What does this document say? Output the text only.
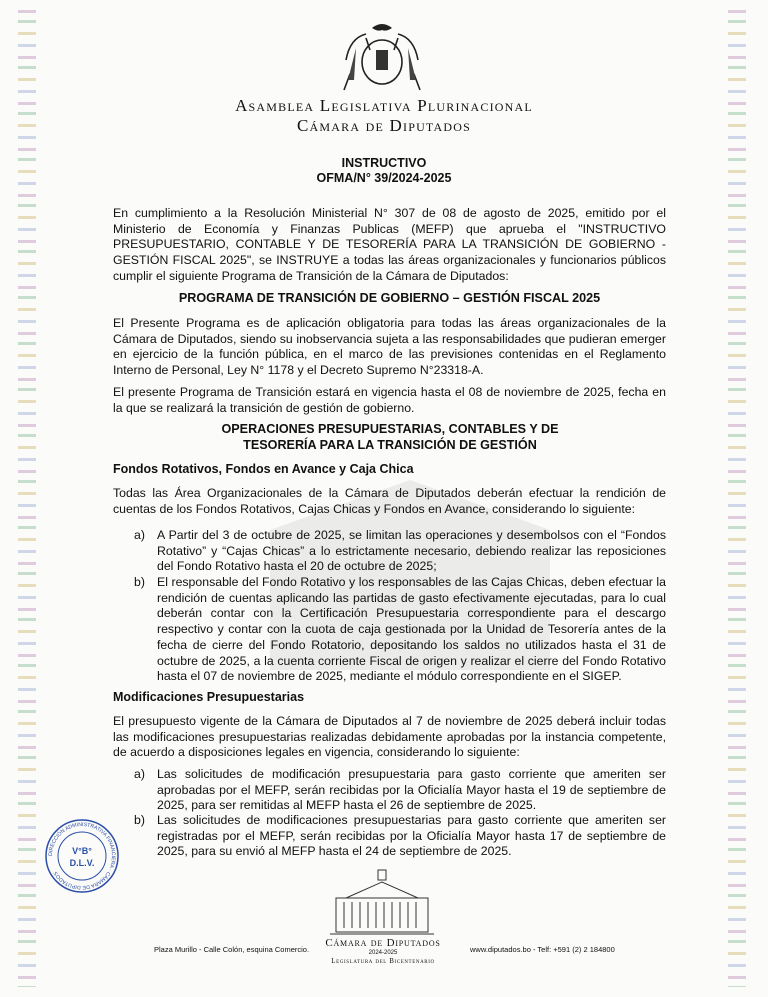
Asamblea Legislativa Plurinacional
Cámara de Diputados
INSTRUCTIVO
OFMA/N° 39/2024-2025

En cumplimiento a la Resolución Ministerial N° 307 de 08 de agosto de 2025, emitido por el Ministerio de Economía y Finanzas Publicas (MEFP) que aprueba el "INSTRUCTIVO PRESUPUESTARIO, CONTABLE Y DE TESORERÍA PARA LA TRANSICIÓN DE GOBIERNO - GESTIÓN FISCAL 2025", se INSTRUYE a todas las áreas organizacionales y funcionarios públicos cumplir el siguiente Programa de Transición de la Cámara de Diputados:

PROGRAMA DE TRANSICIÓN DE GOBIERNO – GESTIÓN FISCAL 2025

El Presente Programa es de aplicación obligatoria para todas las áreas organizacionales de la Cámara de Diputados, siendo su inobservancia sujeta a las responsabilidades que pudieran emerger en ejercicio de la función pública, en el marco de las previsiones contenidas en el Reglamento Interno de Personal, Ley N° 1178 y el Decreto Supremo N°23318-A.

El presente Programa de Transición estará en vigencia hasta el 08 de noviembre de 2025, fecha en la que se realizará la transición de gestión de gobierno.

OPERACIONES PRESUPUESTARIAS, CONTABLES Y DE TESORERÍA PARA LA TRANSICIÓN DE GESTIÓN
Fondos Rotativos, Fondos en Avance y Caja Chica

Todas las Área Organizacionales de la Cámara de Diputados deberán efectuar la rendición de cuentas de los Fondos Rotativos, Cajas Chicas y Fondos en Avance, considerando lo siguiente:

a) A Partir del 3 de octubre de 2025, se limitan las operaciones y desembolsos con el “Fondos Rotativo” y “Cajas Chicas” a lo estrictamente necesario, debiendo realizar las reposiciones del Fondo Rotativo hasta el 20 de octubre de 2025;
b) El responsable del Fondo Rotativo y los responsables de las Cajas Chicas, deben efectuar la rendición de cuentas aplicando las partidas de gasto efectivamente ejecutadas, para lo cual deberán contar con la Certificación Presupuestaria correspondiente para el descargo respectivo y contar con la cuota de caja gestionada por la Unidad de Tesorería antes de la fecha de cierre del Fondo Rotatorio, depositando los saldos no utilizados hasta el 31 de octubre de 2025, a la cuenta corriente Fiscal de origen y realizar el cierre del Fondo Rotativo hasta el 07 de noviembre de 2025, mediante el módulo correspondiente en el SIGEP.
Modificaciones Presupuestarias

El presupuesto vigente de la Cámara de Diputados al 7 de noviembre de 2025 deberá incluir todas las modificaciones presupuestarias realizadas debidamente aprobadas por la instancia competente, de acuerdo a disposiciones legales en vigencia, considerando lo siguiente:

a) Las solicitudes de modificación presupuestaria para gasto corriente que ameriten ser aprobadas por el MEFP, serán recibidas por la Oficialía Mayor hasta el 19 de septiembre de 2025, para ser remitidas al MEFP hasta el 26 de septiembre de 2025.
b) Las solicitudes de modificaciones presupuestarias para gasto corriente que ameriten ser registradas por el MEFP, serán recibidas por la Oficialía Mayor hasta 17 de septiembre de 2025, para su envió al MEFP hasta el 24 de septiembre de 2025.
DIRECCIÓN ADMINISTRATIVA FINANCIERA · CÁMARA DE DIPUTADOS
V°B°
D.L.V.
Cámara de Diputados
2024-2025
Legislatura del Bicentenario
Plaza Murillo - Calle Colón, esquina Comercio.	www.diputados.bo - Telf: +591 (2) 2 184800
